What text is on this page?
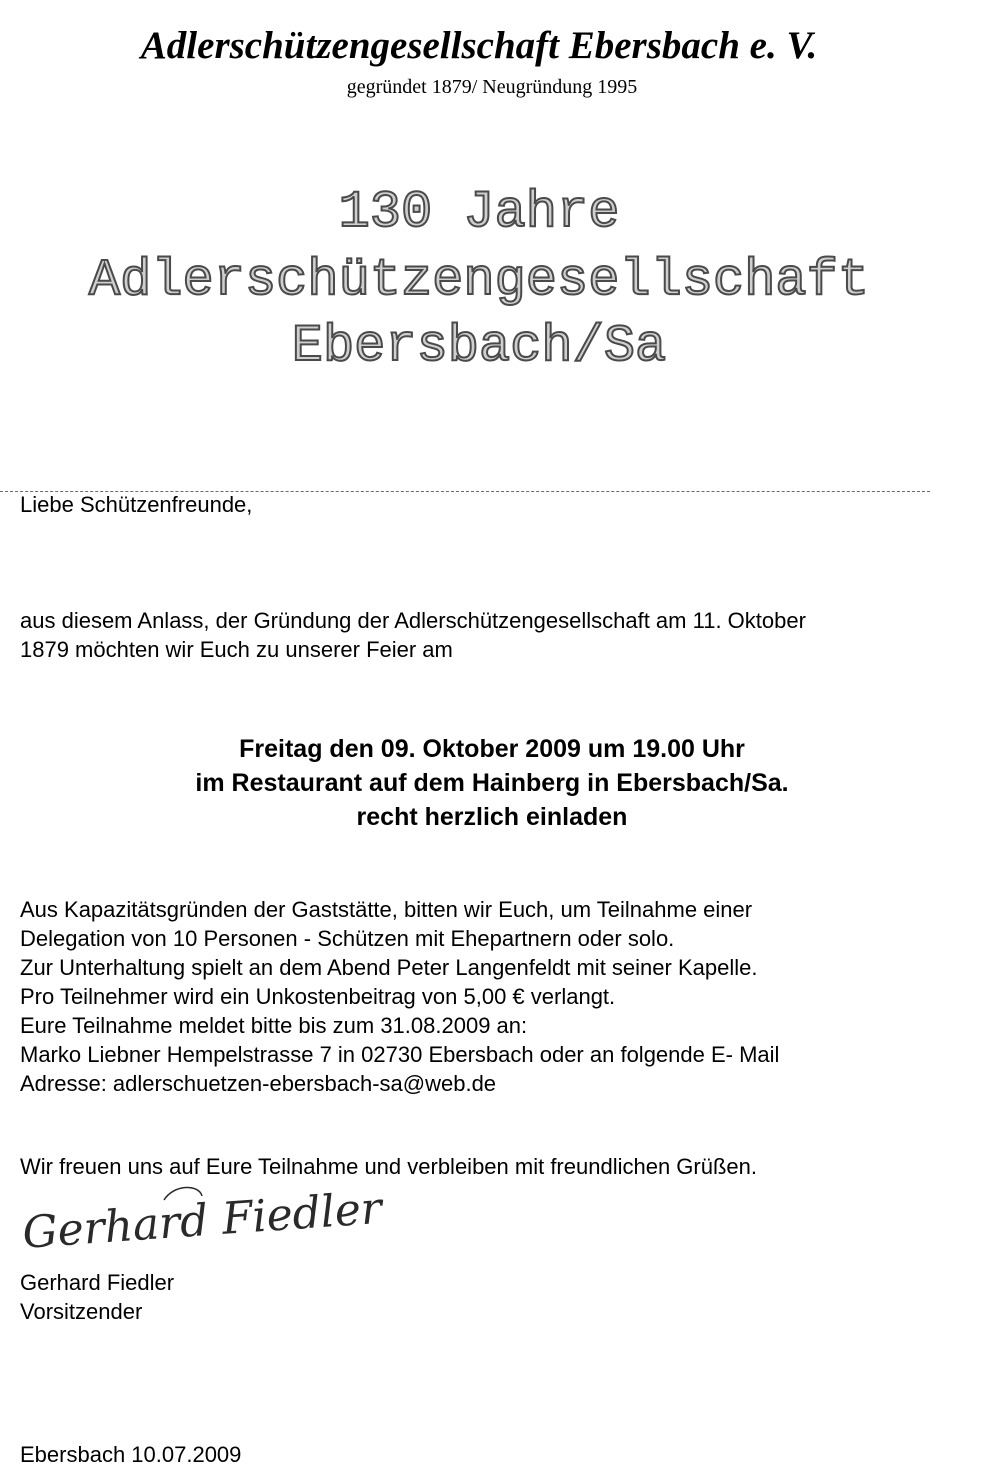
Adlerschützengesellschaft Ebersbach e. V.
gegründet 1879/ Neugründung 1995
130 Jahre
Adlerschützengesellschaft
Ebersbach/Sa
Liebe Schützenfreunde,
aus diesem Anlass, der Gründung der Adlerschützengesellschaft am 11. Oktober
1879 möchten wir Euch zu unserer Feier am
Freitag den 09. Oktober 2009 um 19.00 Uhr
im Restaurant auf dem Hainberg in Ebersbach/Sa.
recht herzlich einladen
Aus Kapazitätsgründen der Gaststätte, bitten wir Euch, um Teilnahme einer
Delegation von 10 Personen - Schützen mit Ehepartnern oder solo.
Zur Unterhaltung spielt an dem Abend Peter Langenfeldt mit seiner Kapelle.
Pro Teilnehmer wird ein Unkostenbeitrag von 5,00 € verlangt.
Eure Teilnahme meldet bitte bis zum 31.08.2009 an:
Marko Liebner Hempelstrasse 7 in 02730 Ebersbach oder an folgende E- Mail
Adresse: adlerschuetzen-ebersbach-sa@web.de
Wir freuen uns auf Eure Teilnahme und verbleiben mit freundlichen Grüßen.
Gerhard Fiedler
Gerhard Fiedler
Vorsitzender
Ebersbach 10.07.2009
